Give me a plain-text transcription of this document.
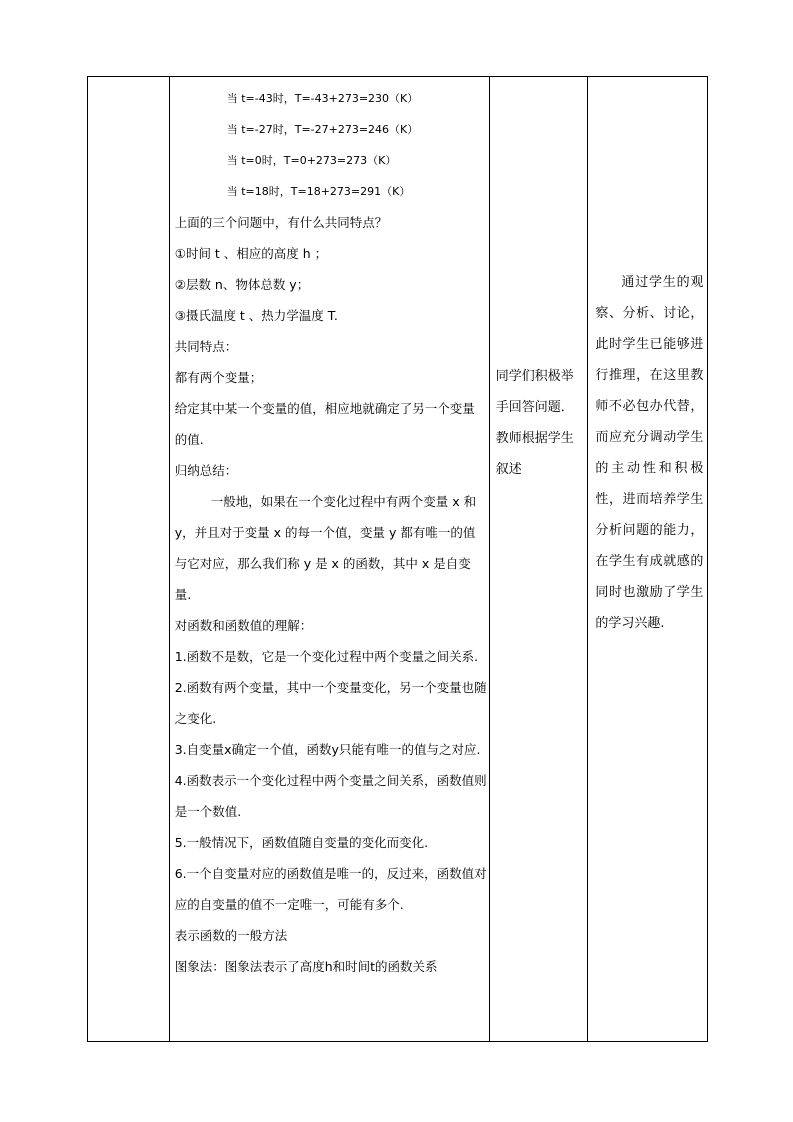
当 t=-43时，T=-43+273=230（K）
当 t=-27时，T=-27+273=246（K）
当 t=0时，T=0+273=273（K）
当 t=18时，T=18+273=291（K）
上面的三个问题中，有什么共同特点？
①时间 t 、相应的高度 h ；
②层数 n、物体总数 y；
③摄氏温度 t 、热力学温度 T.
共同特点：
都有两个变量；
给定其中某一个变量的值，相应地就确定了另一个变量的值.
归纳总结：
一般地，如果在一个变化过程中有两个变量 x 和 y，并且对于变量 x 的每一个值，变量 y 都有唯一的值与它对应，那么我们称 y 是 x 的函数，其中 x 是自变量.
对函数和函数值的理解：
1.函数不是数，它是一个变化过程中两个变量之间关系.
2.函数有两个变量，其中一个变量变化，另一个变量也随之变化.
3.自变量x确定一个值，函数y只能有唯一的值与之对应.
4.函数表示一个变化过程中两个变量之间关系，函数值则是一个数值.
5.一般情况下，函数值随自变量的变化而变化.
6.一个自变量对应的函数值是唯一的，反过来，函数值对应的自变量的值不一定唯一，可能有多个.
表示函数的一般方法
图象法：图象法表示了高度h和时间t的函数关系

同学们积极举手回答问题．教师根据学生叙述

通过学生的观察、分析、讨论，此时学生已能够进行推理，在这里教师不必包办代替，而应充分调动学生的主动性和积极性，进而培养学生分析问题的能力，在学生有成就感的同时也激励了学生的学习兴趣.
